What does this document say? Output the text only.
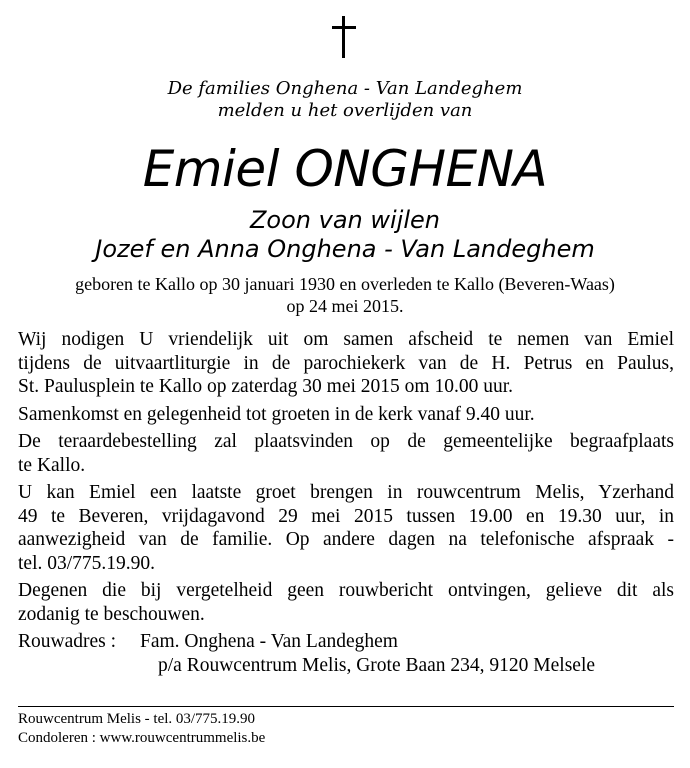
De families Onghena - Van Landeghem
melden u het overlijden van
Emiel ONGHENA
Zoon van wijlen
Jozef en Anna Onghena - Van Landeghem
geboren te Kallo op 30 januari 1930 en overleden te Kallo (Beveren-Waas)
op 24 mei 2015.

Wij nodigen U vriendelijk uit om samen afscheid te nemen van Emiel
tijdens de uitvaartliturgie in de parochiekerk van de H. Petrus en Paulus,
St. Paulusplein te Kallo op zaterdag 30 mei 2015 om 10.00 uur.

Samenkomst en gelegenheid tot groeten in de kerk vanaf 9.40 uur.

De teraardebestelling zal plaatsvinden op de gemeentelijke begraafplaats
te Kallo.

U kan Emiel een laatste groet brengen in rouwcentrum Melis, Yzerhand
49 te Beveren, vrijdagavond 29 mei 2015 tussen 19.00 en 19.30 uur, in
aanwezigheid van de familie. Op andere dagen na telefonische afspraak -
tel. 03/775.19.90.

Degenen die bij vergetelheid geen rouwbericht ontvingen, gelieve dit als
zodanig te beschouwen.

Rouwadres : Fam. Onghena - Van Landeghem
p/a Rouwcentrum Melis, Grote Baan 234, 9120 Melsele
Rouwcentrum Melis - tel. 03/775.19.90
Condoleren : www.rouwcentrummelis.be
